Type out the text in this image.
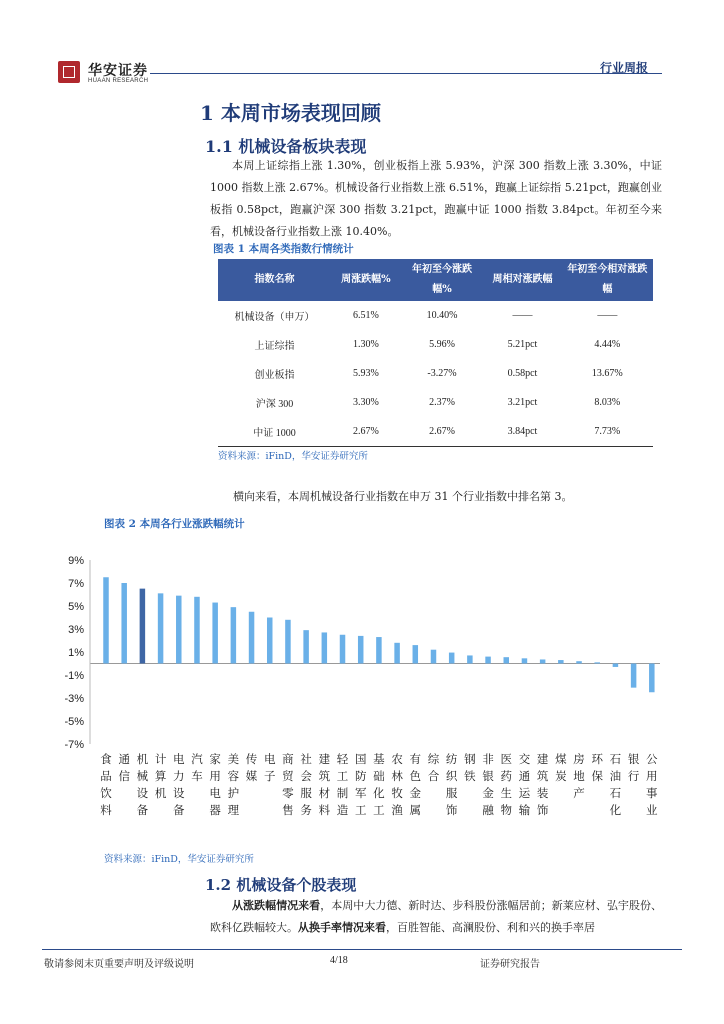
华安证券
HUAAN RESEARCH
行业周报
1 本周市场表现回顾
1.1 机械设备板块表现
本周上证综指上涨 1.30%，创业板指上涨 5.93%，沪深 300 指数上涨 3.30%，中证 1000 指数上涨 2.67%。机械设备行业指数上涨 6.51%，跑赢上证综指 5.21pct，跑赢创业板指 0.58pct，跑赢沪深 300 指数 3.21pct，跑赢中证 1000 指数 3.84pct。年初至今来看，机械设备行业指数上涨 10.40%。
图表 1 本周各类指数行情统计
指数名称	周涨跌幅%	年初至今涨跌幅%	周相对涨跌幅	年初至今相对涨跌幅
机械设备（申万）	6.51%	10.40%	——	——
上证综指	1.30%	5.96%	5.21pct	4.44%
创业板指	5.93%	-3.27%	0.58pct	13.67%
沪深 300	3.30%	2.37%	3.21pct	8.03%
中证 1000	2.67%	2.67%	3.84pct	7.73%
资料来源：iFinD，华安证券研究所
横向来看，本周机械设备行业指数在申万 31 个行业指数中排名第 3。
图表 2 本周各行业涨跌幅统计
9%
7%
5%
3%
1%
-1%
-3%
-5%
-7%
食
品
饮
料
通
信
机
械
设
备
计
算
机
电
力
设
备
汽
车
家
用
电
器
美
容
护
理
传
媒
电
子
商
贸
零
售
社
会
服
务
建
筑
材
料
轻
工
制
造
国
防
军
工
基
础
化
工
农
林
牧
渔
有
色
金
属
综
合
纺
织
服
饰
钢
铁
非
银
金
融
医
药
生
物
交
通
运
输
建
筑
装
饰
煤
炭
房
地
产
环
保
石
油
石
化
银
行
公
用
事
业
资料来源：iFinD，华安证券研究所
1.2 机械设备个股表现
从涨跌幅情况来看，本周中大力德、新时达、步科股份涨幅居前；新莱应材、弘宇股份、欧科亿跌幅较大。从换手率情况来看，百胜智能、高澜股份、利和兴的换手率居
敬请参阅末页重要声明及评级说明	4/18	证券研究报告
